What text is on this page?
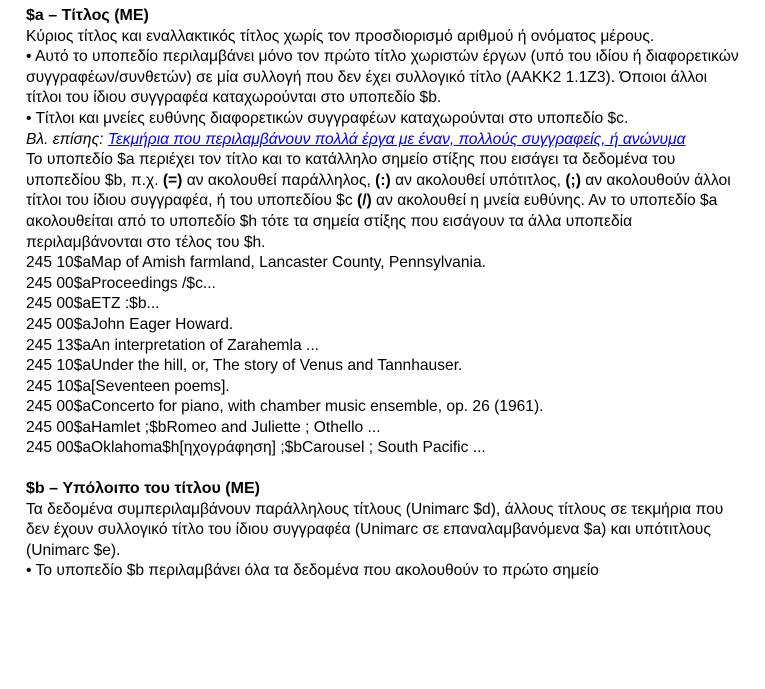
$a – Τίτλος (ΜΕ)

Κύριος τίτλος και εναλλακτικός τίτλος χωρίς τον προσδιορισμό αριθμού ή ονόματος μέρους.

• Αυτό το υποπεδίο περιλαμβάνει μόνο τον πρώτο τίτλο χωριστών έργων (υπό του ιδίου ή διαφορετικών συγγραφέων/συνθετών) σε μία συλλογή που δεν έχει συλλογικό τίτλο (ΑΑΚΚ2 1.1Ζ3). Όποιοι άλλοι τίτλοι του ίδιου συγγραφέα καταχωρούνται στο υποπεδίο $b.

• Τίτλοι και μνείες ευθύνης διαφορετικών συγγραφέων καταχωρούνται στο υποπεδίο $c.

Βλ. επίσης: Τεκμήρια που περιλαμβάνουν πολλά έργα με έναν, πολλούς συγγραφείς, ή ανώνυμα

Το υποπεδίο $a περιέχει τον τίτλο και το κατάλληλο σημείο στίξης που εισάγει τα δεδομένα του υποπεδίου $b, π.χ. (=) αν ακολουθεί παράλληλος, (:) αν ακολουθεί υπότιτλος, (;) αν ακολουθούν άλλοι τίτλοι του ίδιου συγγραφέα, ή του υποπεδίου $c (/) αν ακολουθεί η μνεία ευθύνης. Αν το υποπεδίο $a ακολουθείται από το υποπεδίο $h τότε τα σημεία στίξης που εισάγουν τα άλλα υποπεδία περιλαμβάνονται στο τέλος του $h.

245 10$aMap of Amish farmland, Lancaster County, Pennsylvania.

245 00$aProceedings /$c...

245 00$aETZ :$b...

245 00$aJohn Eager Howard.

245 13$aAn interpretation of Zarahemla ...

245 10$aUnder the hill, or, The story of Venus and Tannhauser.

245 10$a[Seventeen poems].

245 00$aConcerto for piano, with chamber music ensemble, op. 26 (1961).

245 00$aHamlet ;$bRomeo and Juliette ; Othello ...

245 00$aOklahoma$h[ηχογράφηση] ;$bCarousel ; South Pacific ...

$b – Υπόλοιπο του τίτλου (ΜΕ)

Τα δεδομένα συμπεριλαμβάνουν παράλληλους τίτλους (Unimarc $d), άλλους τίτλους σε τεκμήρια που δεν έχουν συλλογικό τίτλο του ίδιου συγγραφέα (Unimarc σε επαναλαμβανόμενα $a) και υπότιτλους (Unimarc $e).

• Το υποπεδίο $b περιλαμβάνει όλα τα δεδομένα που ακολουθούν το πρώτο σημείο
